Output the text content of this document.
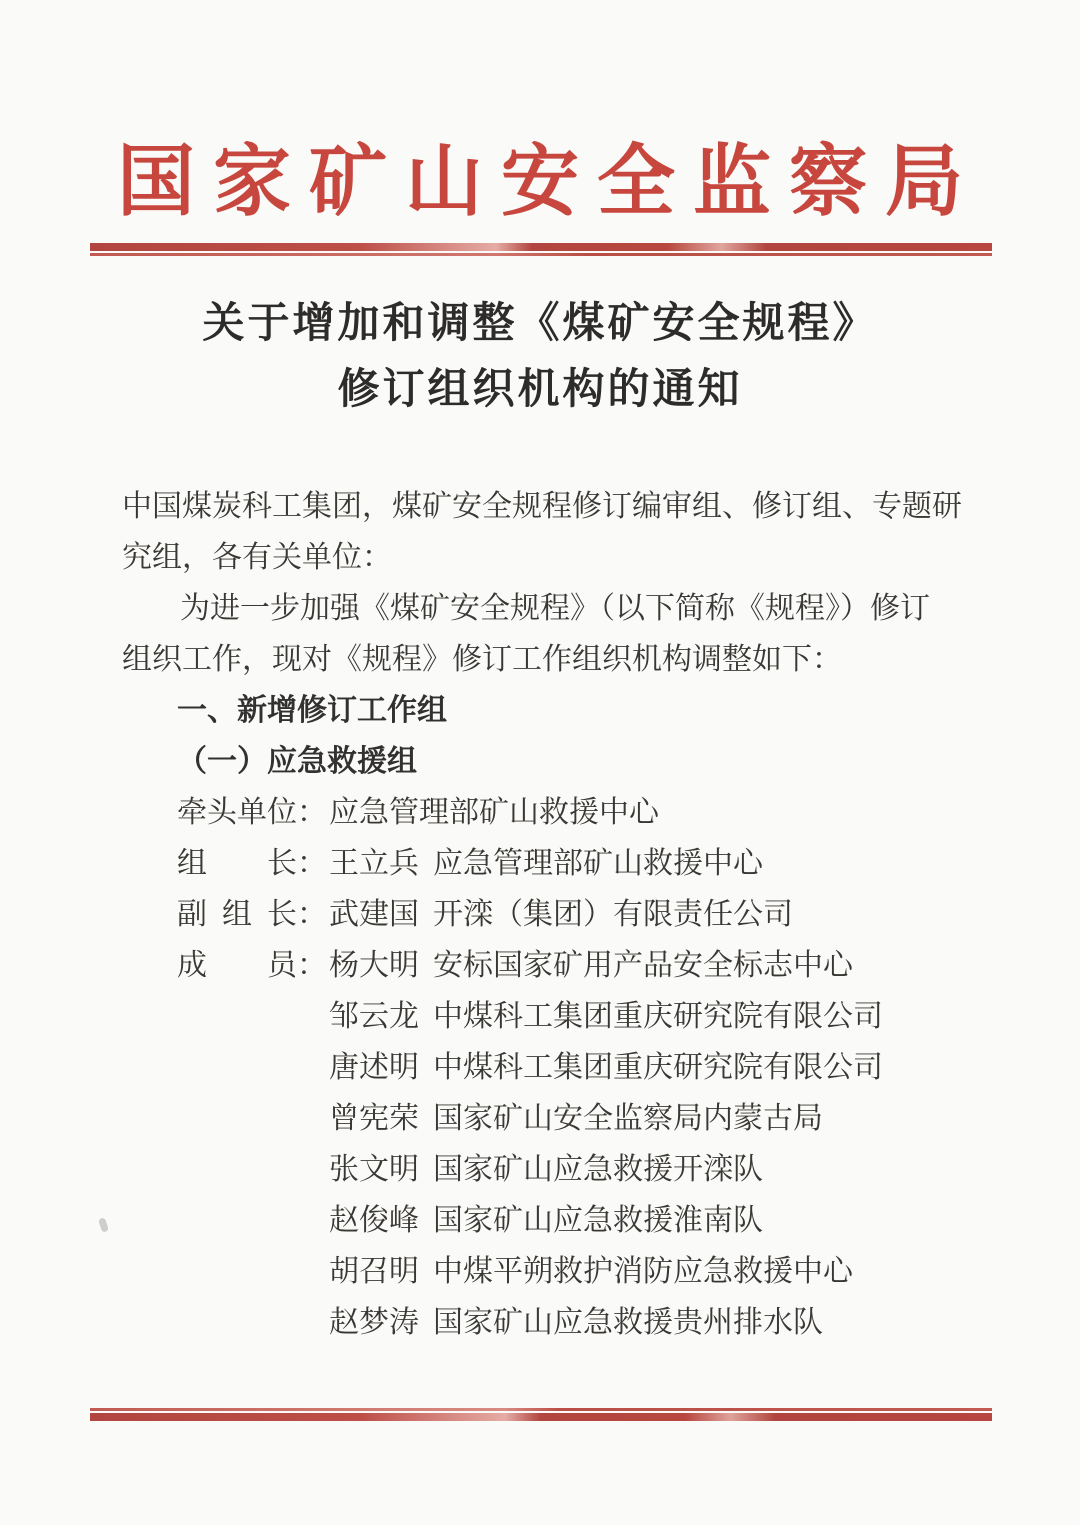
国家矿山安全监察局
关于增加和调整《煤矿安全规程》
修订组织机构的通知
中国煤炭科工集团，煤矿安全规程修订编审组、修订组、专题研
究组，各有关单位：
为进一步加强《煤矿安全规程》（以下简称《规程》）修订
组织工作，现对《规程》修订工作组织机构调整如下：
一、新增修订工作组
（一）应急救援组
牵头单位：应急管理部矿山救援中心
组长：王立兵 应急管理部矿山救援中心
副组长：武建国 开滦（集团）有限责任公司
成员：杨大明 安标国家矿用产品安全标志中心
邹云龙 中煤科工集团重庆研究院有限公司
唐述明 中煤科工集团重庆研究院有限公司
曾宪荣 国家矿山安全监察局内蒙古局
张文明 国家矿山应急救援开滦队
赵俊峰 国家矿山应急救援淮南队
胡召明 中煤平朔救护消防应急救援中心
赵梦涛 国家矿山应急救援贵州排水队
